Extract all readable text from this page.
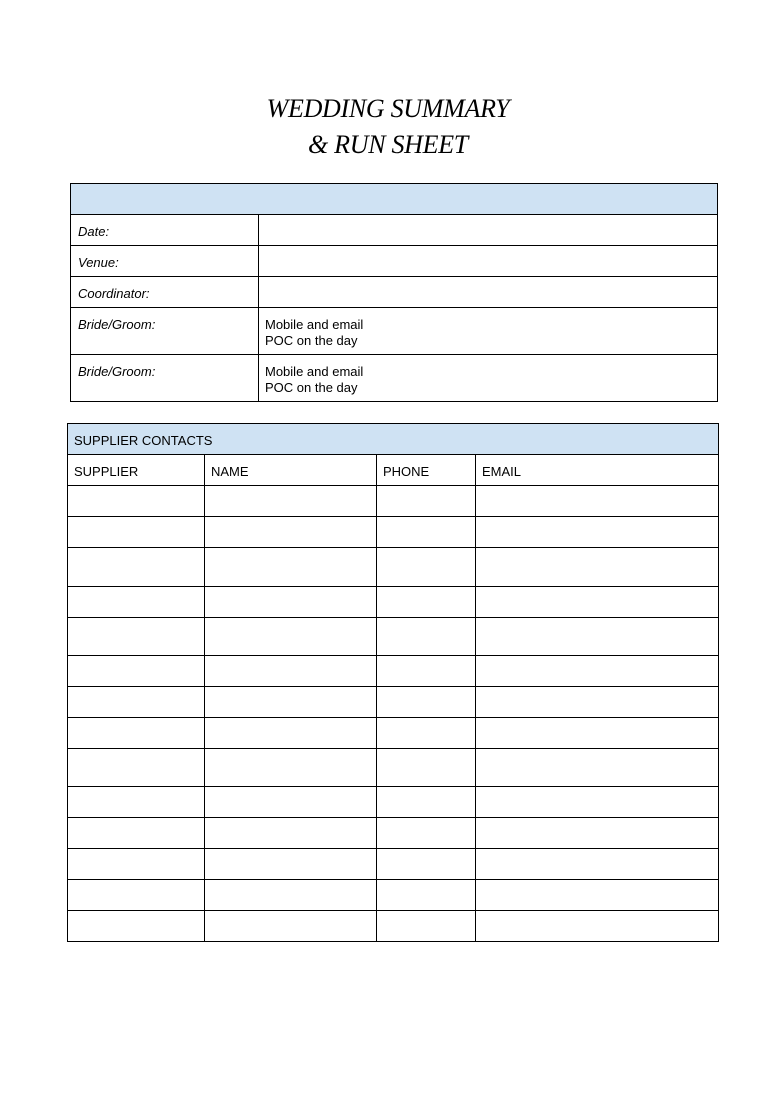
WEDDING SUMMARY
& RUN SHEET

Date:	
Venue:	
Coordinator:	
Bride/Groom:	Mobile and email
POC on the day

Bride/Groom:	Mobile and email
POC on the day
SUPPLIER CONTACTS			
SUPPLIER	NAME	PHONE	EMAIL
